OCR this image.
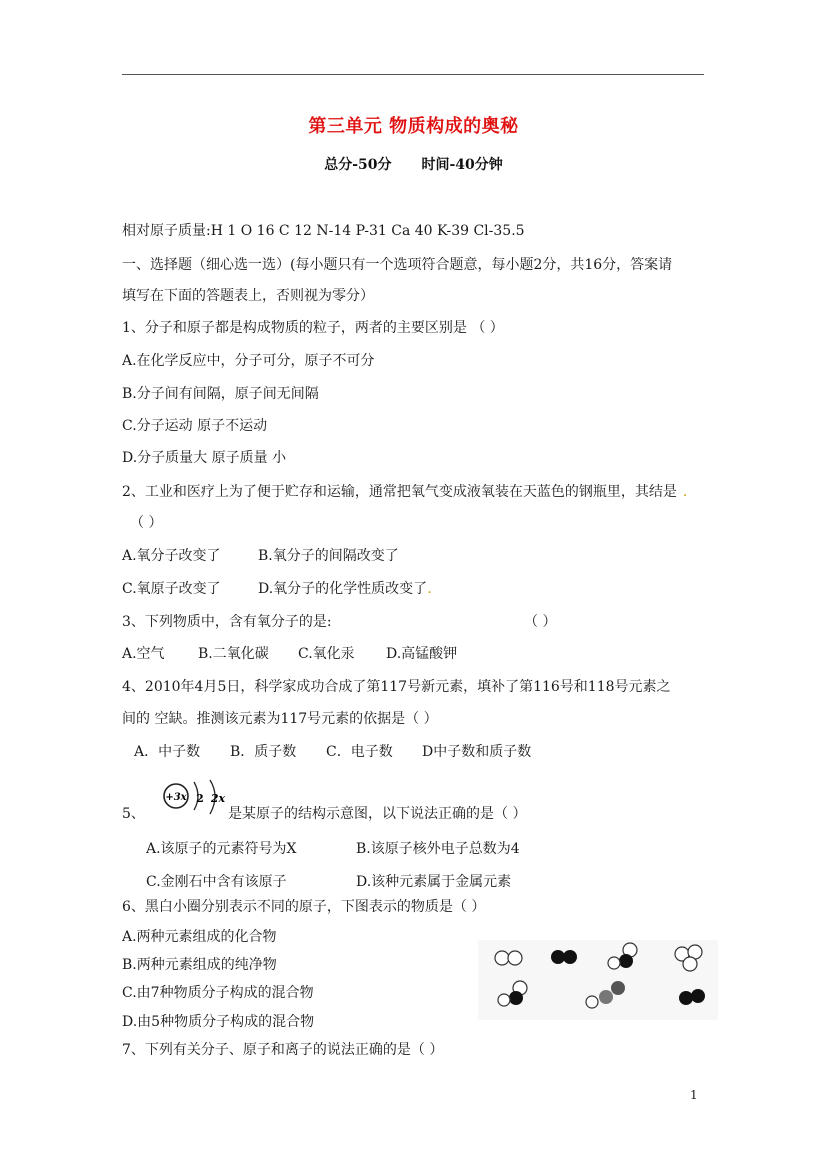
第三单元 物质构成的奥秘
总分-50分 时间-40分钟
相对原子质量:H 1 O 16 C 12 N-14 P-31 Ca 40 K-39 Cl-35.5
一、选择题（细心选一选）(每小题只有一个选项符合题意，每小题2分，共16分，答案请
填写在下面的答题表上，否则视为零分）
1、分子和原子都是构成物质的粒子，两者的主要区别是 （ ）
A.在化学反应中，分子可分，原子不可分
B.分子间有间隔，原子间无间隔
C.分子运动 原子不运动
D.分子质量大 原子质量 小
2、工业和医疗上为了便于贮存和运输，通常把氧气变成液氧装在天蓝色的钢瓶里，其结是 .
（ ）
A.氧分子改变了	B.氧分子的间隔改变了
C.氧原子改变了	D.氧分子的化学性质改变了.
3、下列物质中，含有氧分子的是:	（ ）
A.空气 B.二氧化碳 C.氧化汞 D.高锰酸钾
4、2010年4月5日，科学家成功合成了第117号新元素，填补了第116号和118号元素之
间的 空缺。推测该元素为117号元素的依据是（ ）
A．中子数 B．质子数 C．电子数 D中子数和质子数
5、
+3x 2 2x
是某原子的结构示意图，以下说法正确的是（ ）
A.该原子的元素符号为X	B.该原子核外电子总数为4
C.金刚石中含有该原子	D.该种元素属于金属元素
6、黑白小圈分别表示不同的原子，下图表示的物质是（ ）
A.两种元素组成的化合物
B.两种元素组成的纯净物
C.由7种物质分子构成的混合物
D.由5种物质分子构成的混合物
7、下列有关分子、原子和离子的说法正确的是（ ）
1
